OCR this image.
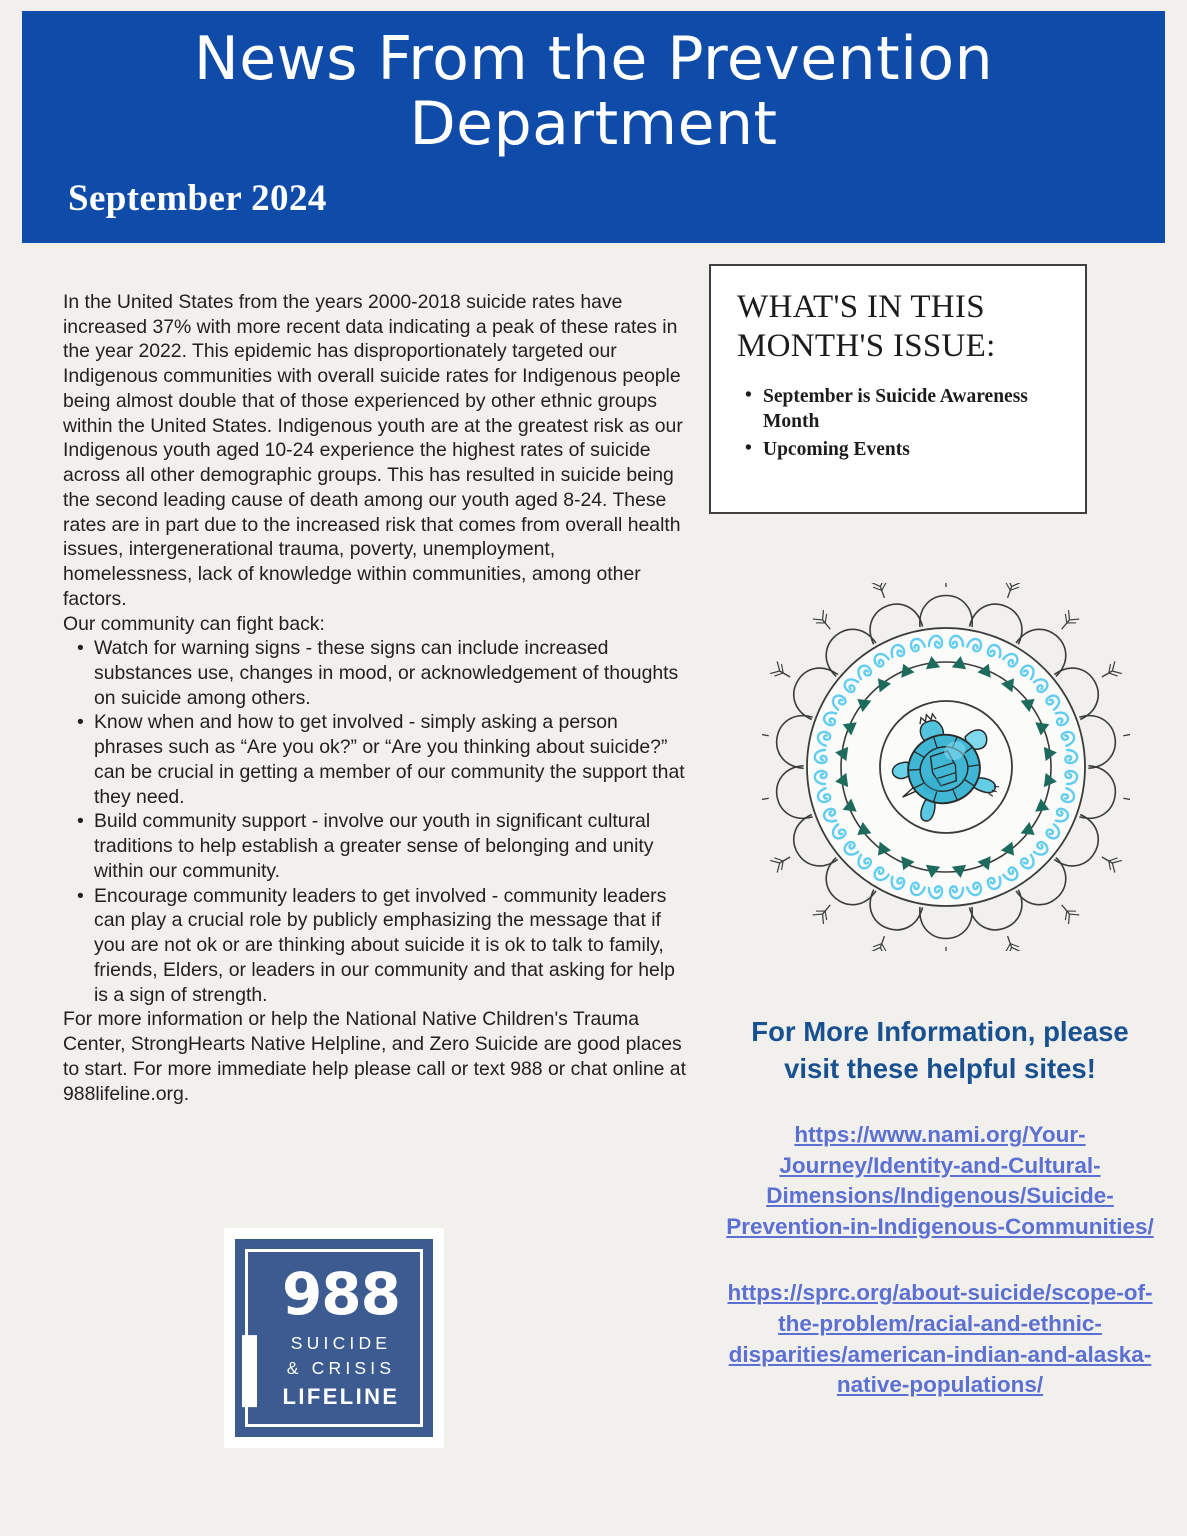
News From the Prevention Department
September 2024

In the United States from the years 2000-2018 suicide rates have increased 37% with more recent data indicating a peak of these rates in the year 2022. This epidemic has disproportionately targeted our Indigenous communities with overall suicide rates for Indigenous people being almost double that of those experienced by other ethnic groups within the United States. Indigenous youth are at the greatest risk as our Indigenous youth aged 10-24 experience the highest rates of suicide across all other demographic groups. This has resulted in suicide being the second leading cause of death among our youth aged 8-24. These rates are in part due to the increased risk that comes from overall health issues, intergenerational trauma, poverty, unemployment, homelessness, lack of knowledge within communities, among other factors.

Our community can fight back:

• Watch for warning signs - these signs can include increased substances use, changes in mood, or acknowledgement of thoughts on suicide among others.
• Know when and how to get involved - simply asking a person phrases such as “Are you ok?” or “Are you thinking about suicide?” can be crucial in getting a member of our community the support that they need.
• Build community support - involve our youth in significant cultural traditions to help establish a greater sense of belonging and unity within our community.
• Encourage community leaders to get involved - community leaders can play a crucial role by publicly emphasizing the message that if you are not ok or are thinking about suicide it is ok to talk to family, friends, Elders, or leaders in our community and that asking for help is a sign of strength.

For more information or help the National Native Children's Trauma Center, StrongHearts Native Helpline, and Zero Suicide are good places to start. For more immediate help please call or text 988 or chat online at 988lifeline.org.

988
SUICIDE
& CRISIS
LIFELINE
WHAT'S IN THIS MONTH'S ISSUE:
• September is Suicide Awareness Month
• Upcoming Events
For More Information, please visit these helpful sites!
https://www.nami.org/Your-Journey/Identity-and-Cultural-Dimensions/Indigenous/Suicide-Prevention-in-Indigenous-Communities/
https://sprc.org/about-suicide/scope-of-the-problem/racial-and-ethnic-disparities/american-indian-and-alaska-native-populations/
